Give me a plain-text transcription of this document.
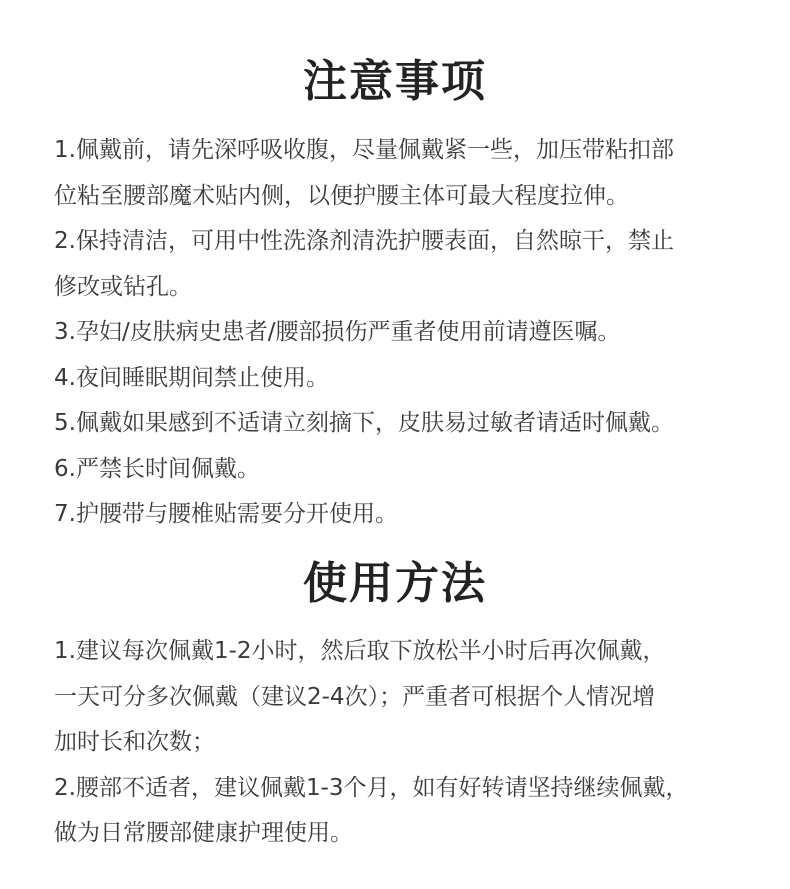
注意事项
1.佩戴前，请先深呼吸收腹，尽量佩戴紧一些，加压带粘扣部
位粘至腰部魔术贴内侧，以便护腰主体可最大程度拉伸。
2.保持清洁，可用中性洗涤剂清洗护腰表面，自然晾干，禁止
修改或钻孔。
3.孕妇/皮肤病史患者/腰部损伤严重者使用前请遵医嘱。
4.夜间睡眠期间禁止使用。
5.佩戴如果感到不适请立刻摘下，皮肤易过敏者请适时佩戴。
6.严禁长时间佩戴。
7.护腰带与腰椎贴需要分开使用。
使用方法
1.建议每次佩戴1-2小时，然后取下放松半小时后再次佩戴，
一天可分多次佩戴（建议2-4次）；严重者可根据个人情况增
加时长和次数；
2.腰部不适者，建议佩戴1-3个月，如有好转请坚持继续佩戴，
做为日常腰部健康护理使用。
